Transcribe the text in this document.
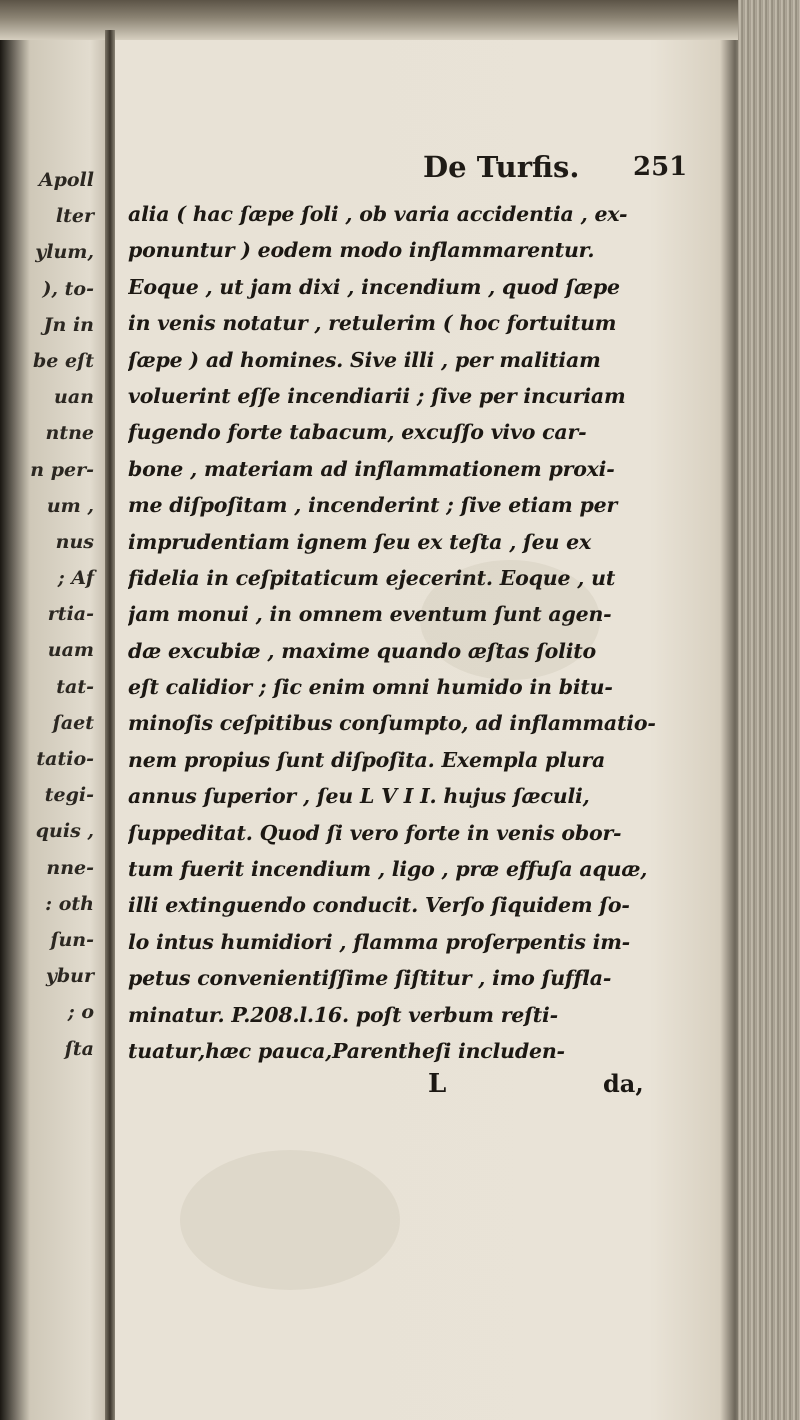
Apoll
lter
ylum,
), to-
Jn in
be eſt
uan
ntne
n per-
um ,
nus
; Af
rtia-
uam
tat-
ſaet
tatio-
tegi-
quis ,
nne-
: oth
ſun-
ybur
; o
ſta
De Turfis. 251
alia ( hac ſæpe ſoli , ob varia accidentia , ex-
ponuntur ) eodem modo inflammarentur.
Eoque , ut jam dixi , incendium , quod ſæpe
in venis notatur , retulerim ( hoc fortuitum
ſæpe ) ad homines. Sive illi , per malitiam
voluerint eſſe incendiarii ; ſive per incuriam
fugendo forte tabacum, excuſſo vivo car-
bone , materiam ad inflammationem proxi-
me diſpoſitam , incenderint ; ſive etiam per
imprudentiam ignem ſeu ex teſta , ſeu ex
fidelia in ceſpitaticum ejecerint. Eoque , ut
jam monui , in omnem eventum ſunt agen-
dæ excubiæ , maxime quando æſtas ſolito
eſt calidior ; ſic enim omni humido in bitu-
minoſis ceſpitibus conſumpto, ad inflammatio-
nem propius ſunt diſpoſita. Exempla plura
annus ſuperior , ſeu L V I I. hujus ſæculi,
ſuppeditat. Quod ſi vero forte in venis obor-
tum fuerit incendium , ligo , præ effuſa aquæ,
illi extinguendo conducit. Verſo ſiquidem ſo-
lo intus humidiori , flamma proſerpentis im-
petus convenientiſſime ſiſtitur , imo ſuffla-
minatur. P.208.l.16. poſt verbum reſti-
tuatur,hæc pauca,Parentheſi includen-
L	da,
